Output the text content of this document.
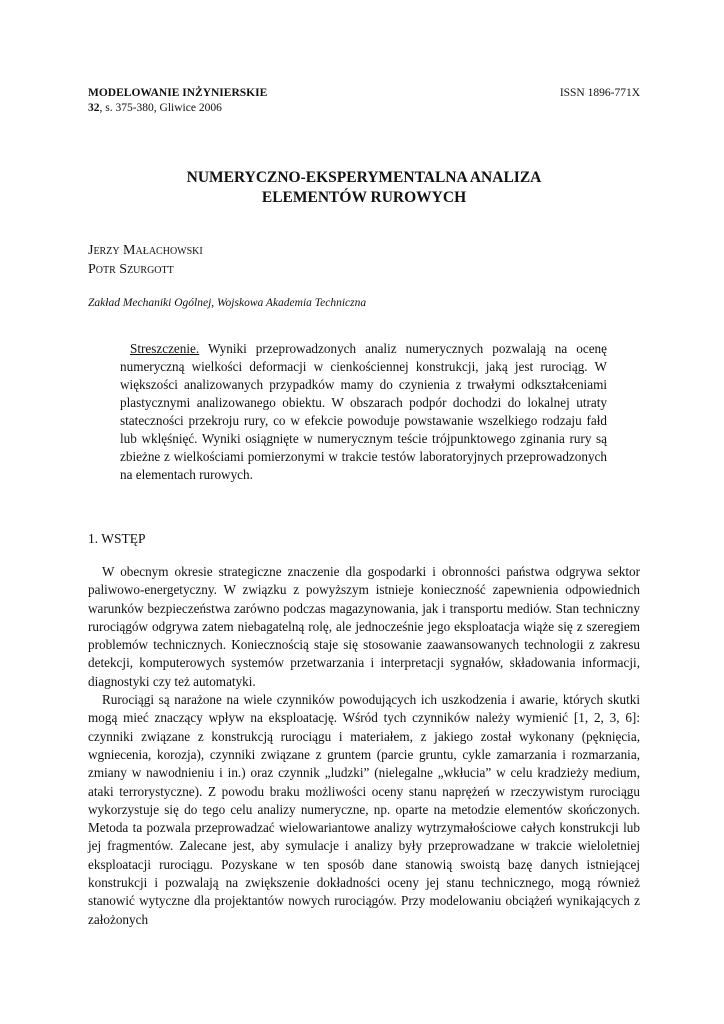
MODELOWANIE INŻYNIERSKIE	ISSN 1896-771X
32, s. 375-380, Gliwice 2006
NUMERYCZNO-EKSPERYMENTALNA ANALIZA
ELEMENTÓW RUROWYCH
Jerzy Małachowski
Potr Szurgott
Zakład Mechaniki Ogólnej, Wojskowa Akademia Techniczna
Streszczenie. Wyniki przeprowadzonych analiz numerycznych pozwalają na ocenę numeryczną wielkości deformacji w cienkościennej konstrukcji, jaką jest rurociąg. W większości analizowanych przypadków mamy do czynienia z trwałymi odkształceniami plastycznymi analizowanego obiektu. W obszarach podpór dochodzi do lokalnej utraty stateczności przekroju rury, co w efekcie powoduje powstawanie wszelkiego rodzaju fałd lub wklęśnięć. Wyniki osiągnięte w numerycznym teście trójpunktowego zginania rury są zbieżne z wielkościami pomierzonymi w trakcie testów laboratoryjnych przeprowadzonych na elementach rurowych.
1. WSTĘP

W obecnym okresie strategiczne znaczenie dla gospodarki i obronności państwa odgrywa sektor paliwowo-energetyczny. W związku z powyższym istnieje konieczność zapewnienia odpowiednich warunków bezpieczeństwa zarówno podczas magazynowania, jak i transportu mediów. Stan techniczny rurociągów odgrywa zatem niebagatelną rolę, ale jednocześnie jego eksploatacja wiąże się z szeregiem problemów technicznych. Koniecznością staje się stosowanie zaawansowanych technologii z zakresu detekcji, komputerowych systemów przetwarzania i interpretacji sygnałów, składowania informacji, diagnostyki czy też automatyki.

Rurociągi są narażone na wiele czynników powodujących ich uszkodzenia i awarie, których skutki mogą mieć znaczący wpływ na eksploatację. Wśród tych czynników należy wymienić [1, 2, 3, 6]: czynniki związane z konstrukcją rurociągu i materiałem, z jakiego został wykonany (pęknięcia, wgniecenia, korozja), czynniki związane z gruntem (parcie gruntu, cykle zamarzania i rozmarzania, zmiany w nawodnieniu i in.) oraz czynnik „ludzki” (nielegalne „wkłucia” w celu kradzieży medium, ataki terrorystyczne). Z powodu braku możliwości oceny stanu naprężeń w rzeczywistym rurociągu wykorzystuje się do tego celu analizy numeryczne, np. oparte na metodzie elementów skończonych. Metoda ta pozwala przeprowadzać wielowariantowe analizy wytrzymałościowe całych konstrukcji lub jej fragmentów. Zalecane jest, aby symulacje i analizy były przeprowadzane w trakcie wieloletniej eksploatacji rurociągu. Pozyskane w ten sposób dane stanowią swoistą bazę danych istniejącej konstrukcji i pozwalają na zwiększenie dokładności oceny jej stanu technicznego, mogą również stanowić wytyczne dla projektantów nowych rurociągów. Przy modelowaniu obciążeń wynikających z założonych
